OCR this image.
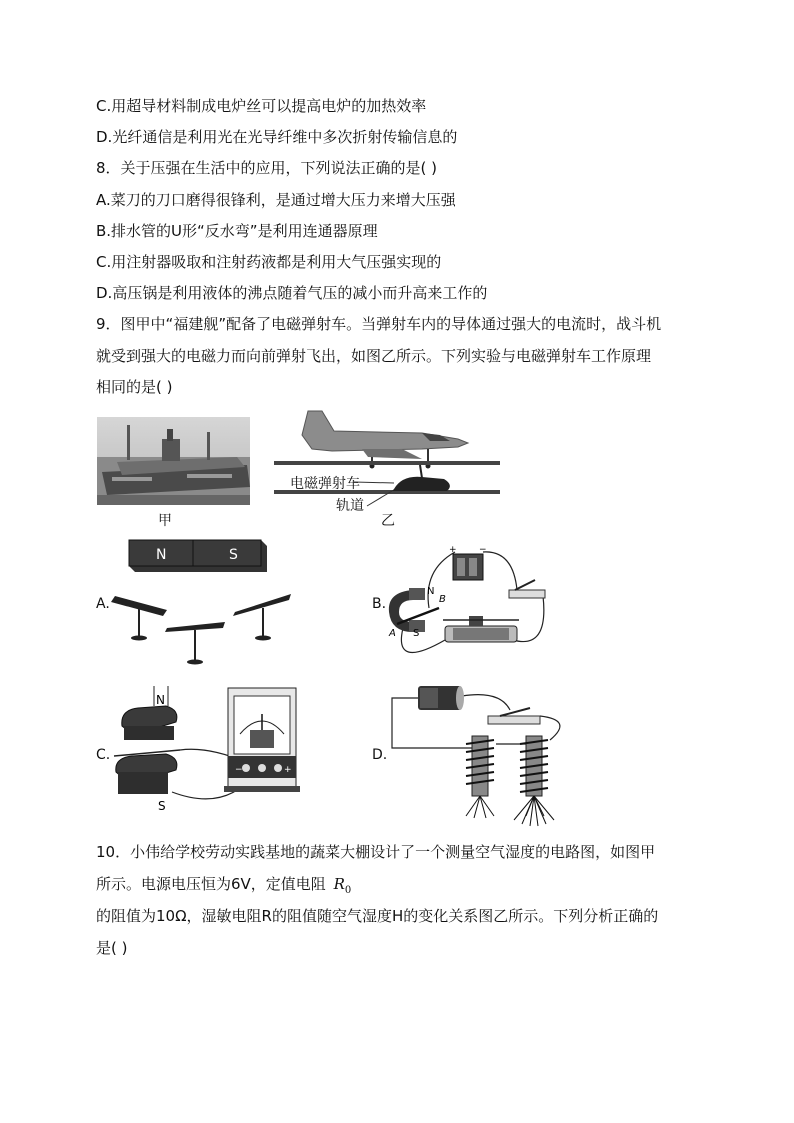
C.用超导材料制成电炉丝可以提高电炉的加热效率
D.光纤通信是利用光在光导纤维中多次折射传输信息的
8．关于压强在生活中的应用，下列说法正确的是( )
A.菜刀的刀口磨得很锋利，是通过增大压力来增大压强
B.排水管的U形“反水弯”是利用连通器原理
C.用注射器吸取和注射药液都是利用大气压强实现的
D.高压锅是利用液体的沸点随着气压的减小而升高来工作的
9．图甲中“福建舰”配备了电磁弹射车。当弹射车内的导体通过强大的电流时，战斗机
就受到强大的电磁力而向前弹射飞出，如图乙所示。下列实验与电磁弹射车工作原理
相同的是( )
甲
电磁弹射车
轨道
乙
A.
N	S
B.
+ −
N
S
B
A
C.
N
S
−	+
D.
10．小伟给学校劳动实践基地的蔬菜大棚设计了一个测量空气湿度的电路图，如图甲
所示。电源电压恒为6V，定值电阻 $R_0$
的阻值为10Ω，湿敏电阻R的阻值随空气湿度H的变化关系图乙所示。下列分析正确的
是( )
